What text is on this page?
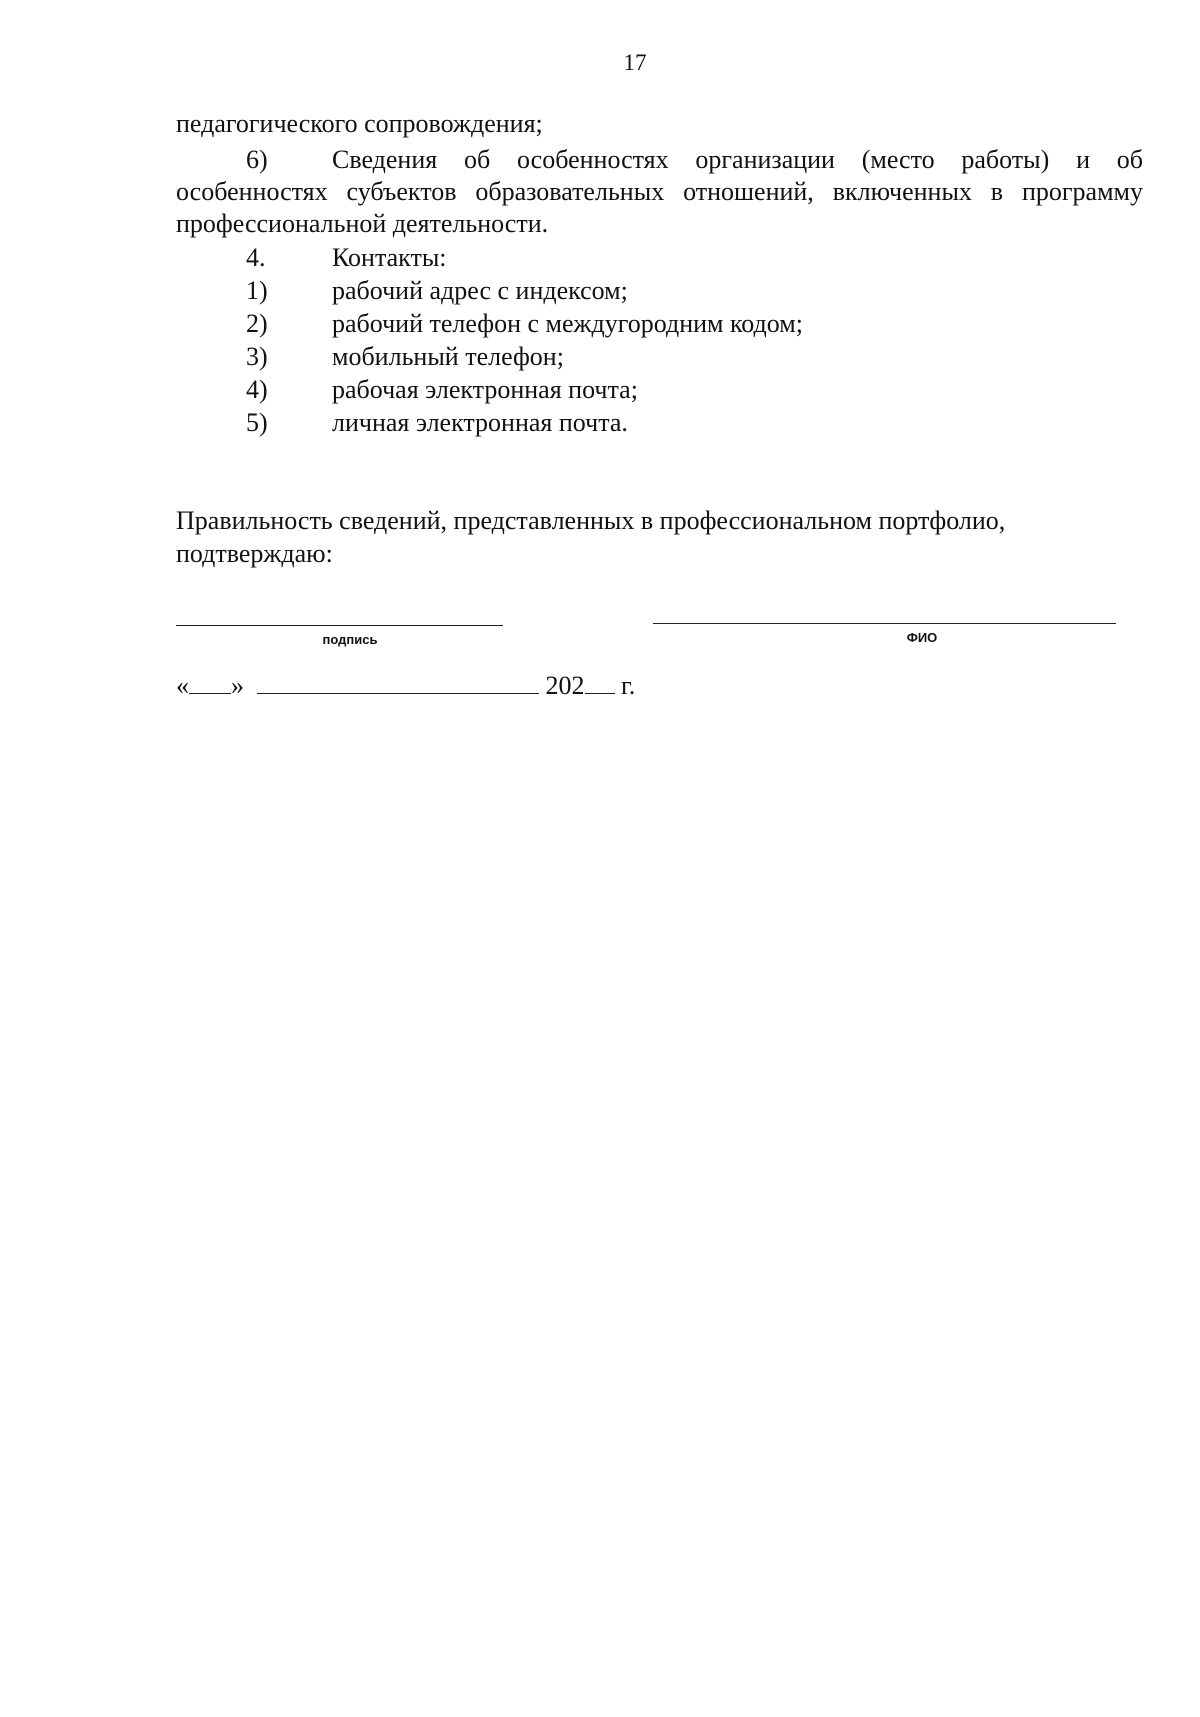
17
педагогического сопровождения;
6) Сведения об особенностях организации (место работы) и об
особенностях субъектов образовательных отношений, включенных в программу
профессиональной деятельности.
4.	Контакты:
1) рабочий адрес с индексом;
2) рабочий телефон с междугородним кодом;
3) мобильный телефон;
4) рабочая электронная почта;
5) личная электронная почта.
Правильность сведений, представленных в профессиональном портфолио,
подтверждаю:
подпись	ФИО
« »	202 г.
